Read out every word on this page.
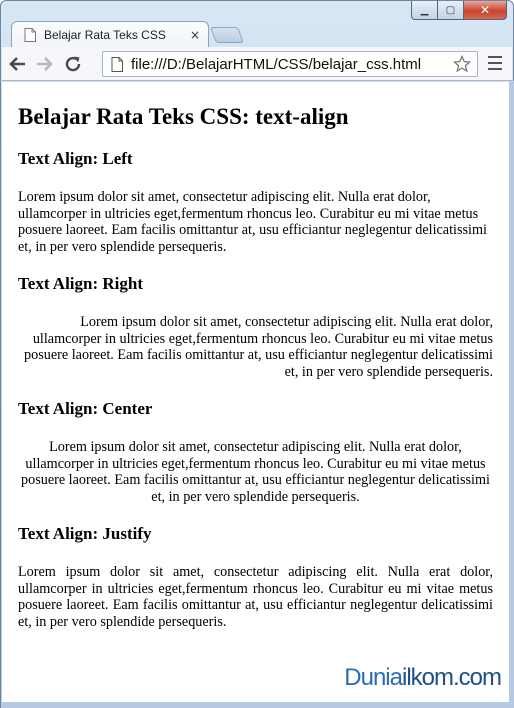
▁	▢	✕
Belajar Rata Teks CSS	×
file:///D:/BelajarHTML/CSS/belajar_css.html
Belajar Rata Teks CSS: text-align
Text Align: Left

Lorem ipsum dolor sit amet, consectetur adipiscing elit. Nulla erat dolor, ullamcorper in ultricies eget,fermentum rhoncus leo. Curabitur eu mi vitae metus posuere laoreet. Eam facilis omittantur at, usu efficiantur neglegentur delicatissimi et, in per vero splendide persequeris.

Text Align: Right

Lorem ipsum dolor sit amet, consectetur adipiscing elit. Nulla erat dolor, ullamcorper in ultricies eget,fermentum rhoncus leo. Curabitur eu mi vitae metus posuere laoreet. Eam facilis omittantur at, usu efficiantur neglegentur delicatissimi et, in per vero splendide persequeris.

Text Align: Center

Lorem ipsum dolor sit amet, consectetur adipiscing elit. Nulla erat dolor, ullamcorper in ultricies eget,fermentum rhoncus leo. Curabitur eu mi vitae metus posuere laoreet. Eam facilis omittantur at, usu efficiantur neglegentur delicatissimi et, in per vero splendide persequeris.

Text Align: Justify

Lorem ipsum dolor sit amet, consectetur adipiscing elit. Nulla erat dolor, ullamcorper in ultricies eget,fermentum rhoncus leo. Curabitur eu mi vitae metus posuere laoreet. Eam facilis omittantur at, usu efficiantur neglegentur delicatissimi et, in per vero splendide persequeris.

Duniailkom.com
